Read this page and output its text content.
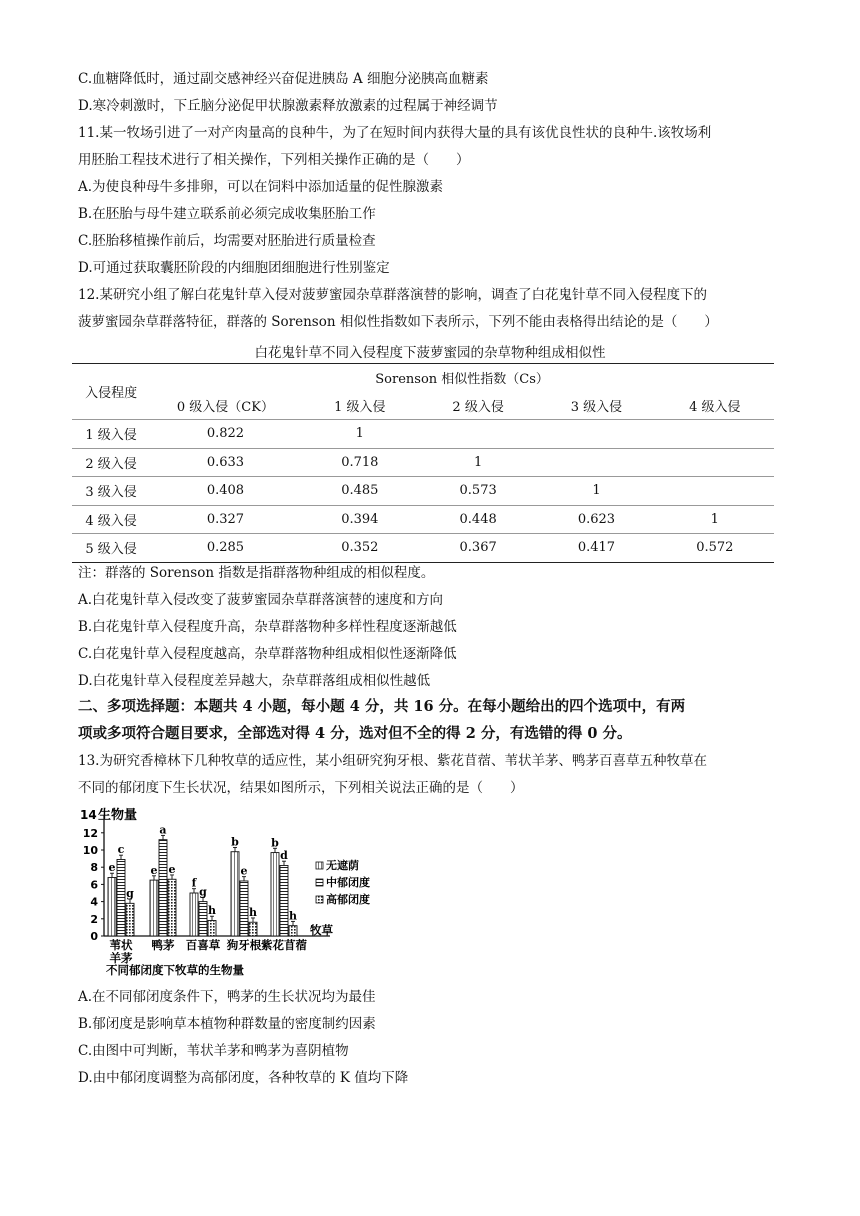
C.血糖降低时，通过副交感神经兴奋促进胰岛 A 细胞分泌胰高血糖素
D.寒冷刺激时，下丘脑分泌促甲状腺激素释放激素的过程属于神经调节
11.某一牧场引进了一对产肉量高的良种牛，为了在短时间内获得大量的具有该优良性状的良种牛.该牧场利
用胚胎工程技术进行了相关操作，下列相关操作正确的是（　　）
A.为使良种母牛多排卵，可以在饲料中添加适量的促性腺激素
B.在胚胎与母牛建立联系前必须完成收集胚胎工作
C.胚胎移植操作前后，均需要对胚胎进行质量检查
D.可通过获取囊胚阶段的内细胞团细胞进行性别鉴定
12.某研究小组了解白花鬼针草入侵对菠萝蜜园杂草群落演替的影响，调查了白花鬼针草不同入侵程度下的
菠萝蜜园杂草群落特征，群落的 Sorenson 相似性指数如下表所示，下列不能由表格得出结论的是（　　）
白花鬼针草不同入侵程度下菠萝蜜园的杂草物种组成相似性
入侵程度	Sorenson 相似性指数（Cs）				
	0 级入侵（CK）	1 级入侵	2 级入侵	3 级入侵	4 级入侵
1 级入侵	0.822	1			
2 级入侵	0.633	0.718	1		
3 级入侵	0.408	0.485	0.573	1	
4 级入侵	0.327	0.394	0.448	0.623	1
5 级入侵	0.285	0.352	0.367	0.417	0.572
注：群落的 Sorenson 指数是指群落物种组成的相似程度。
A.白花鬼针草入侵改变了菠萝蜜园杂草群落演替的速度和方向
B.白花鬼针草入侵程度升高，杂草群落物种多样性程度逐渐越低
C.白花鬼针草入侵程度越高，杂草群落物种组成相似性逐渐降低
D.白花鬼针草入侵程度差异越大，杂草群落组成相似性越低
二、多项选择题：本题共 4 小题，每小题 4 分，共 16 分。在每小题给出的四个选项中，有两
项或多项符合题目要求，全部选对得 4 分，选对但不全的得 2 分，有选错的得 0 分。
13.为研究香樟林下几种牧草的适应性，某小组研究狗牙根、紫花苜蓿、苇状羊茅、鸭茅百喜草五种牧草在
不同的郁闭度下生长状况，结果如图所示，下列相关说法正确的是（　　）
14 生物量
0
2
4
6
8
10
12
e
c
g
苇状
羊茅
e
a
e
鸭茅
f
g
h
百喜草
b
e
h
狗牙根
b
d
h
紫花苜蓿
牧草
无遮荫
中郁闭度
高郁闭度
不同郁闭度下牧草的生物量
A.在不同郁闭度条件下，鸭茅的生长状况均为最佳
B.郁闭度是影响草本植物种群数量的密度制约因素
C.由图中可判断，苇状羊茅和鸭茅为喜阴植物
D.由中郁闭度调整为高郁闭度，各种牧草的 K 值均下降
